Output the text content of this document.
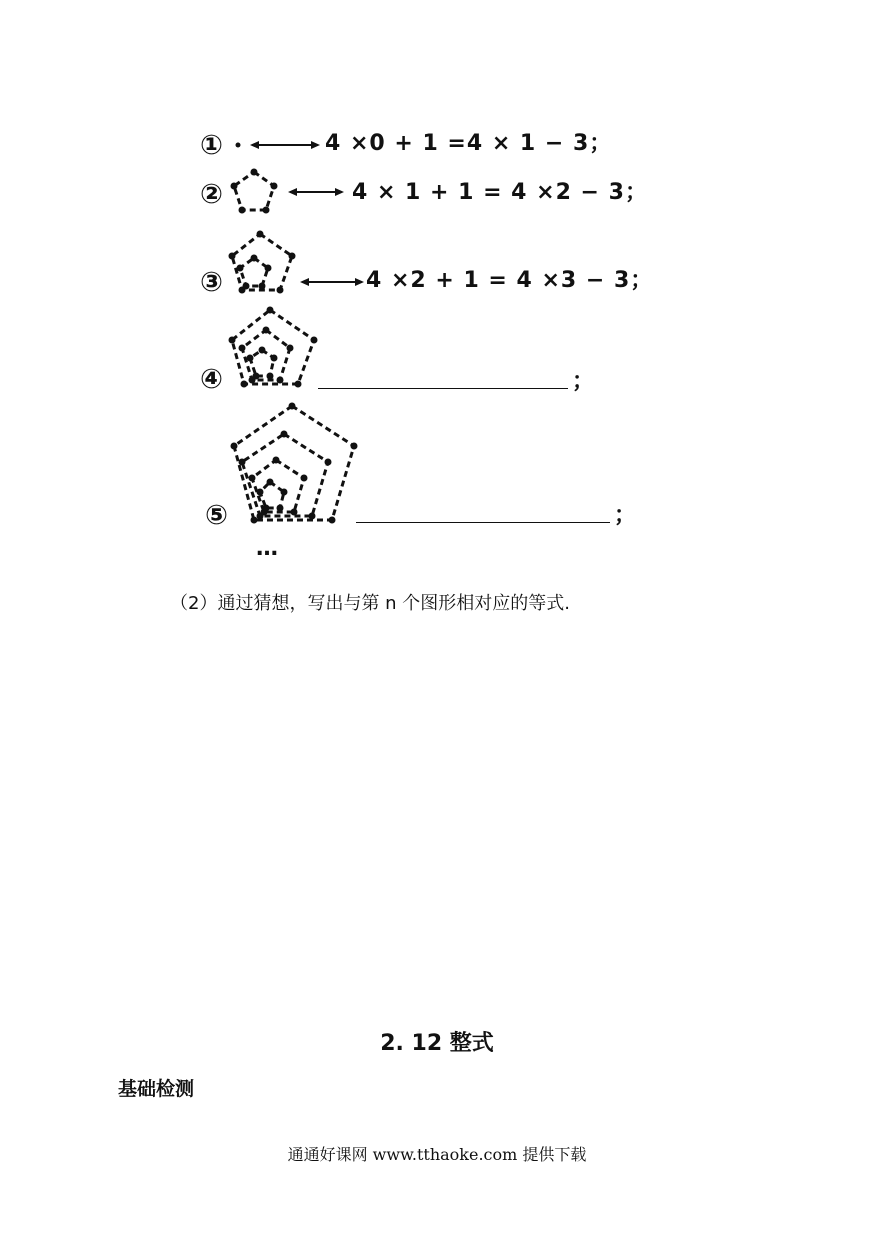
①	4 ×0 + 1 =4 × 1 − 3；
②	4 × 1 + 1 = 4 ×2 − 3；
③	4 ×2 + 1 = 4 ×3 − 3；
④	；
⑤	；
…
（2）通过猜想，写出与第 n 个图形相对应的等式.
2. 12 整式
基础检测
通通好课网 www.tthaoke.com 提供下载
